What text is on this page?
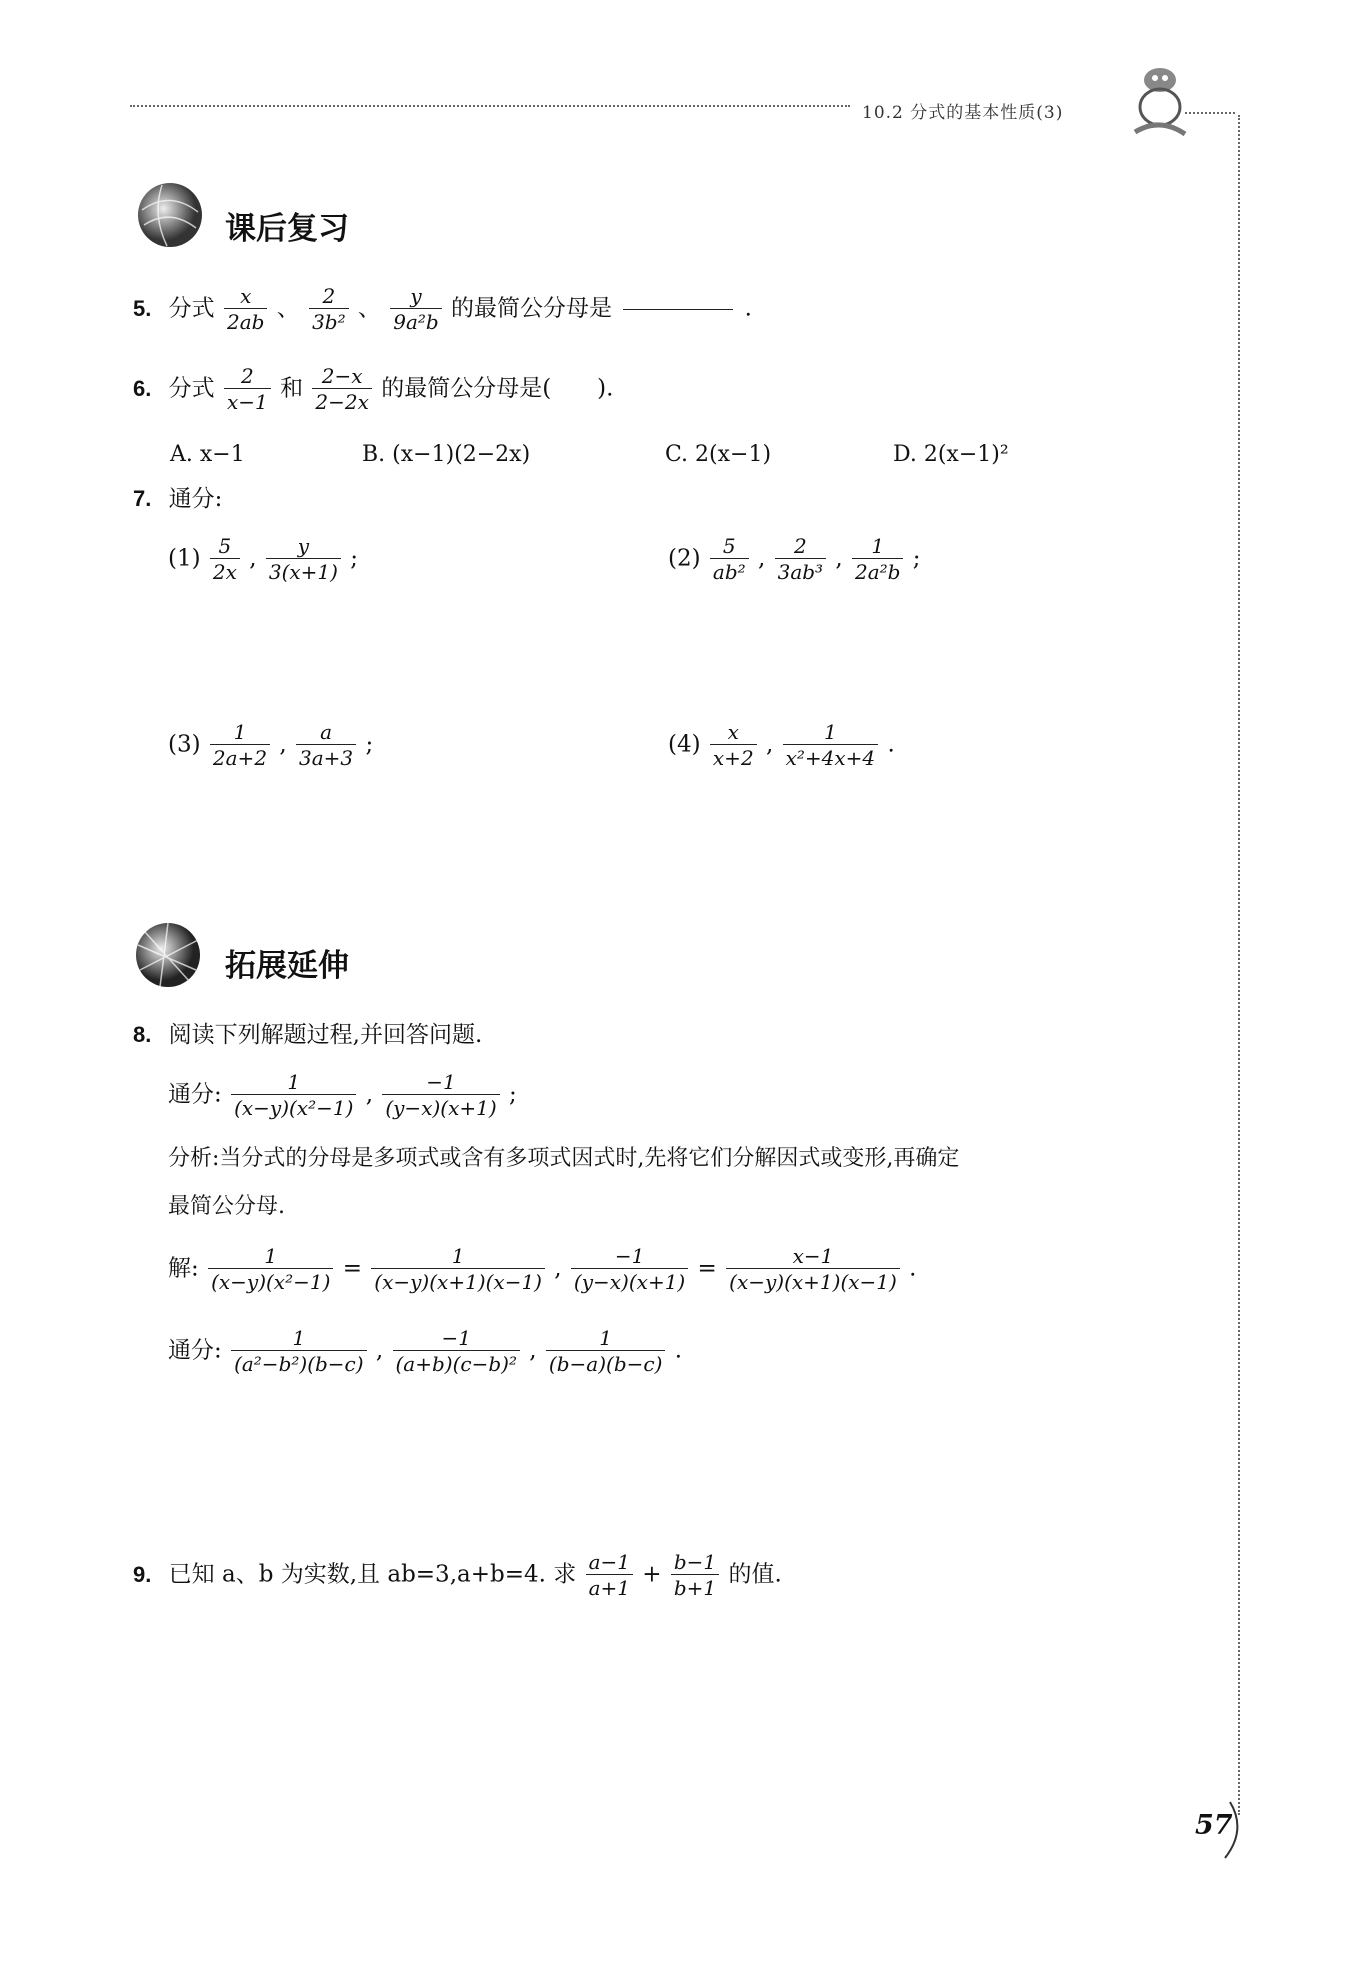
10.2 分式的基本性质(3)
课后复习
5. 分式 $\frac{x}{2ab}$ 、 $\frac{2}{\text{3b²}}$ 、 $\frac{y}{\text{9a²b}}$ 的最简公分母是	.
6. 分式 $\frac{2}{x-1}$ 和 $\frac{2-x}{2-2x}$ 的最简公分母是(　　).
A. x−1	B. (x−1)(2−2x)	C. 2(x−1)	D. 2(x−1)²
7. 通分:
$(1) \frac{5}{2x}$ , $\frac{y}{3(x+1)}$ ;	$(2) \frac{5}{\text{ab²}}$ , $\frac{2}{\text{3ab³}}$ , $\frac{1}{\text{2a²b}}$ ;
$(3) \frac{1}{2a+2}$ , $\frac{a}{3a+3}$ ;	$(4) \frac{x}{x+2}$ , $\frac{1}{\text{x²+4x+4}}$ .
拓展延伸
8. 阅读下列解题过程,并回答问题.
通分: $\frac{1}{\text{(x−y)(x²−1)}}$ , $\frac{-1}{(y-x)(x+1)}$ ;
分析:当分式的分母是多项式或含有多项式因式时,先将它们分解因式或变形,再确定
最简公分母.
解: $\frac{1}{\text{(x−y)(x²−1)}} = \frac{1}{(x-y)(x+1)(x-1)}$ , $\frac{-1}{(y-x)(x+1)} = \frac{x-1}{(x-y)(x+1)(x-1)}$ .
通分: $\frac{1}{\text{(a²−b²)(b−c)}}$ , $\frac{-1}{\text{(a+b)(c−b)²}}$ , $\frac{1}{(b-a)(b-c)}$ .
9. 已知 a、b 为实数,且 ab=3,a+b=4. 求 $\frac{a-1}{a+1} + \frac{b-1}{b+1}$ 的值.
57
